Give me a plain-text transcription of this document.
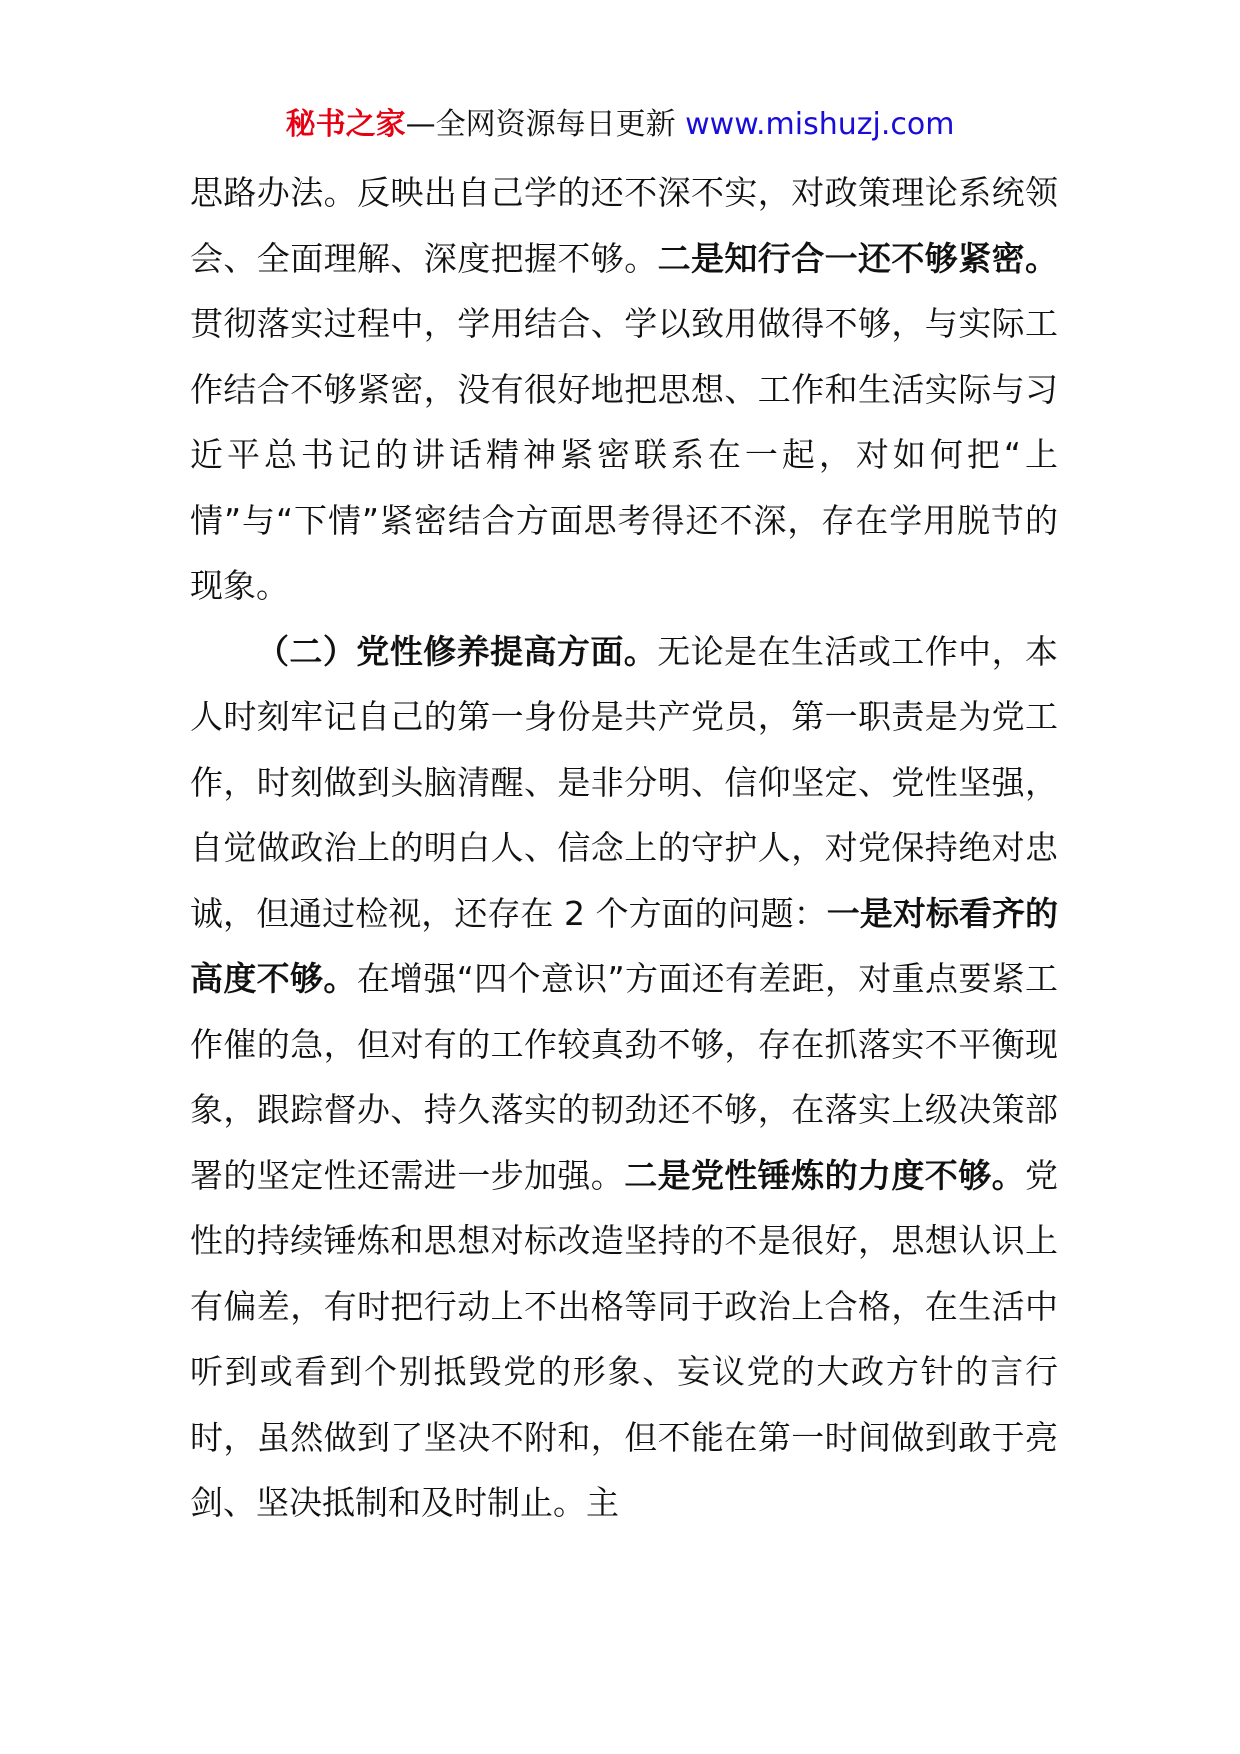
秘书之家—全网资源每日更新 www.mishuzj.com

思路办法。反映出自己学的还不深不实，对政策理论系统领会、全面理解、深度把握不够。二是知行合一还不够紧密。贯彻落实过程中，学用结合、学以致用做得不够，与实际工作结合不够紧密，没有很好地把思想、工作和生活实际与习近平总书记的讲话精神紧密联系在一起，对如何把“上情”与“下情”紧密结合方面思考得还不深，存在学用脱节的现象。

（二）党性修养提高方面。无论是在生活或工作中，本人时刻牢记自己的第一身份是共产党员，第一职责是为党工作，时刻做到头脑清醒、是非分明、信仰坚定、党性坚强，自觉做政治上的明白人、信念上的守护人，对党保持绝对忠诚，但通过检视，还存在 2 个方面的问题：一是对标看齐的高度不够。在增强“四个意识”方面还有差距，对重点要紧工作催的急，但对有的工作较真劲不够，存在抓落实不平衡现象，跟踪督办、持久落实的韧劲还不够，在落实上级决策部署的坚定性还需进一步加强。二是党性锤炼的力度不够。党性的持续锤炼和思想对标改造坚持的不是很好，思想认识上有偏差，有时把行动上不出格等同于政治上合格，在生活中听到或看到个别抵毁党的形象、妄议党的大政方针的言行时，虽然做到了坚决不附和，但不能在第一时间做到敢于亮剑、坚决抵制和及时制止。主
